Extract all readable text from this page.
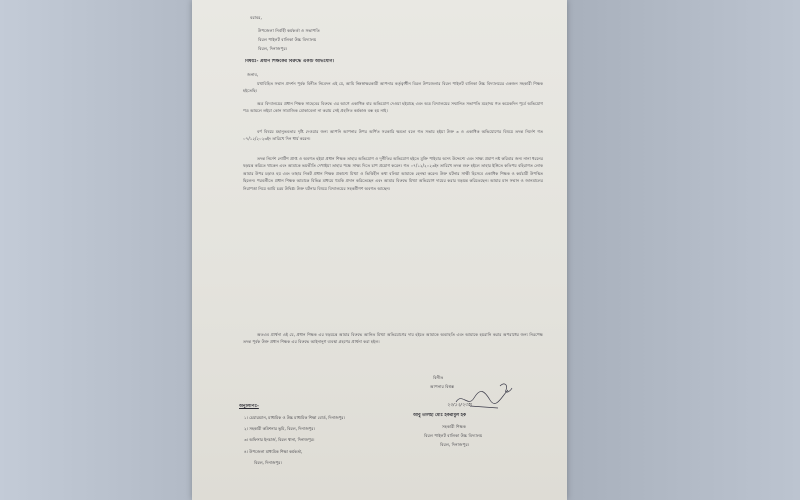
বরাবর,
উপজেলা নির্বাহী কর্মকর্তা ও সভাপতি
বিরল পাইলট বালিকা উচ্চ বিদ্যালয়
বিরল, দিনাজপুর।
বিষয়ঃ- প্রধান শিক্ষকের বিরুদ্ধে একটি অভিযোগ।
জনাব,
যথাবিহিত সম্মান প্রদর্শন পূর্বক বিনীত নিবেদন এই যে, আমি নিম্নস্বাক্ষরকারী আপনার কর্তৃত্বাধীন বিরল উপজেলার বিরল পাইলট বালিকা উচ্চ বিদ্যালয়ের একজন সহকারী শিক্ষক হইতেছি।
অত্র বিদ্যালয়ের প্রধান শিক্ষক সাহেবের বিরুদ্ধে এর আগে একাধিক বার অভিযোগ দেওয়া হইয়াছে এবং অত্র বিদ্যালয়ের সম্মানিত সভাপতি মহোদয় গত কয়েকদিন পূর্বে অভিযোগ পত্র আমলে লইয়া কোন সামাজিক মোকাবেলা না করায় সেই প্রহসিত কর্মকাণ্ড বন্ধ হয় নাই।
বর্ণ বিষয়ে মহানুভবতার দৃষ্টি দেওয়ার জন্য আপনি আপনার উপর অর্পিত সরকারি ক্ষমতা বলে গত সভায় হইয়া উক্ত ৩ ও একাধিক অভিযোগের বিষয়ে তদন্ত নির্দেশ গত ০৭/১২/২০২৩ইং তারিখে দিন ধার্য করেন।
তদন্ত নির্দেশ নোটিশ প্রাপ্ত ও অবগত হইয়া প্রধান শিক্ষক তাহার অভিযোগ ও দুর্নীতির অভিযোগ হইতে মুক্তি পাইবার অসৎ উদ্দেশ্যে এবং সাক্ষ্য প্রমাণ নষ্ট করিবার জন্য নানা ধরনের ষড়যন্ত্র করিতে থাকেন এবং আমাকে ভয়ভীতি দেখাইয়া তাহার পক্ষে সাক্ষ্য দিতে চাপ প্রয়োগ করেন। গত ০৭/১২/২০২৩ইং তারিখে তদন্ত শুরু হইলে তাহার ইঙ্গিতে কতিপয় বহিরাগত লোক আমার উপর চড়াও হয় এবং তাহার নিকট প্রধান শিক্ষক প্রকাশ্যে মিথ্যা ও ভিত্তিহীন কথা বলিয়া আমাকে হেনস্থা করেন। উক্ত ঘটনার সাক্ষী হিসেবে একাধিক শিক্ষক ও কর্মচারী উপস্থিত ছিলেন। পরবর্তীতে প্রধান শিক্ষক আমাকে বিভিন্ন মাধ্যমে হুমকি প্রদান করিতেছেন এবং আমার বিরুদ্ধে মিথ্যা অভিযোগ দায়ের করার ষড়যন্ত্র করিতেছেন। আমার মান সম্মান ও জানমালের নিরাপত্তা নিয়ে আমি চরম উদ্বিগ্ন। উক্ত ঘটনার বিষয়ে বিদ্যালয়ের সহকর্মীগণ অবগত আছেন।
অতএব প্রার্থনা এই যে, প্রধান শিক্ষক এর ষড়যন্ত্রে আমার বিরুদ্ধে আনিত মিথ্যা অভিযোগের দায় হইতে আমাকে অব্যাহতি এবং আমাকে হয়রানি করার অপরাধের জন্য নিরপেক্ষ তদন্ত পূর্বক উক্ত প্রধান শিক্ষক এর বিরুদ্ধে আইনানুগ ব্যবস্থা গ্রহণের প্রার্থনা করা হইল।
বিনীত
আপনার বিশ্বস্ত
২০/১২/২৩ইং
আবু তালহা মোঃ ইকরামুল হক
সহকারী শিক্ষক
বিরল পাইলট বালিকা উচ্চ বিদ্যালয়
বিরল, দিনাজপুর।
অনুলিপিঃ-
১। চেয়ারম্যান, মাধ্যমিক ও উচ্চ মাধ্যমিক শিক্ষা বোর্ড, দিনাজপুর।
২। সহকারী কমিশনার ভূমি, বিরল, দিনাজপুর।
৩। অফিসার ইনচার্জ, বিরল থানা, দিনাজপুর।
৪। উপজেলা মাধ্যমিক শিক্ষা কর্মকর্তা,
বিরল, দিনাজপুর।
